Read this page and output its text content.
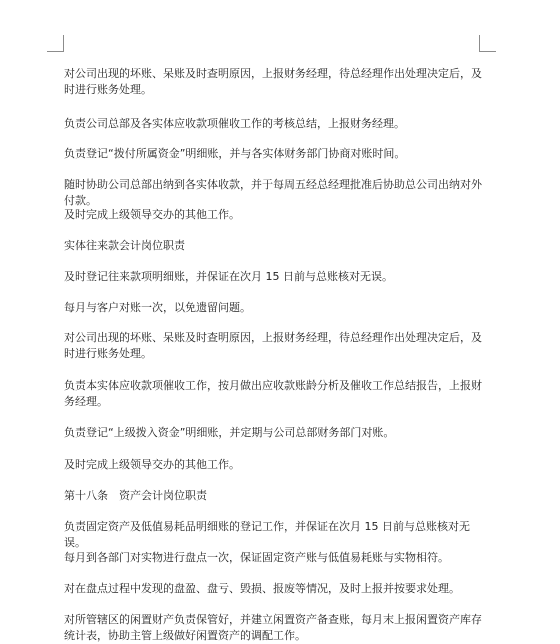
对公司出现的坏账、呆账及时查明原因，上报财务经理，待总经理作出处理决定后，及时进行账务处理。

负责公司总部及各实体应收款项催收工作的考核总结，上报财务经理。

负责登记“拨付所属资金”明细账，并与各实体财务部门协商对账时间。

随时协助公司总部出纳到各实体收款，并于每周五经总经理批准后协助总公司出纳对外付款。

及时完成上级领导交办的其他工作。

实体往来款会计岗位职责

及时登记往来款项明细账，并保证在次月 15 日前与总账核对无误。

每月与客户对账一次，以免遗留问题。

对公司出现的坏账、呆账及时查明原因，上报财务经理，待总经理作出处理决定后，及时进行账务处理。

负责本实体应收款项催收工作，按月做出应收款账龄分析及催收工作总结报告，上报财务经理。

负责登记“上级拨入资金”明细账，并定期与公司总部财务部门对账。

及时完成上级领导交办的其他工作。

第十八条　资产会计岗位职责

负责固定资产及低值易耗品明细账的登记工作，并保证在次月 15 日前与总账核对无误。

每月到各部门对实物进行盘点一次，保证固定资产账与低值易耗账与实物相符。

对在盘点过程中发现的盘盈、盘亏、毁损、报废等情况，及时上报并按要求处理。

对所管辖区的闲置财产负责保管好，并建立闲置资产备查账，每月末上报闲置资产库存统计表，协助主管上级做好闲置资产的调配工作。
